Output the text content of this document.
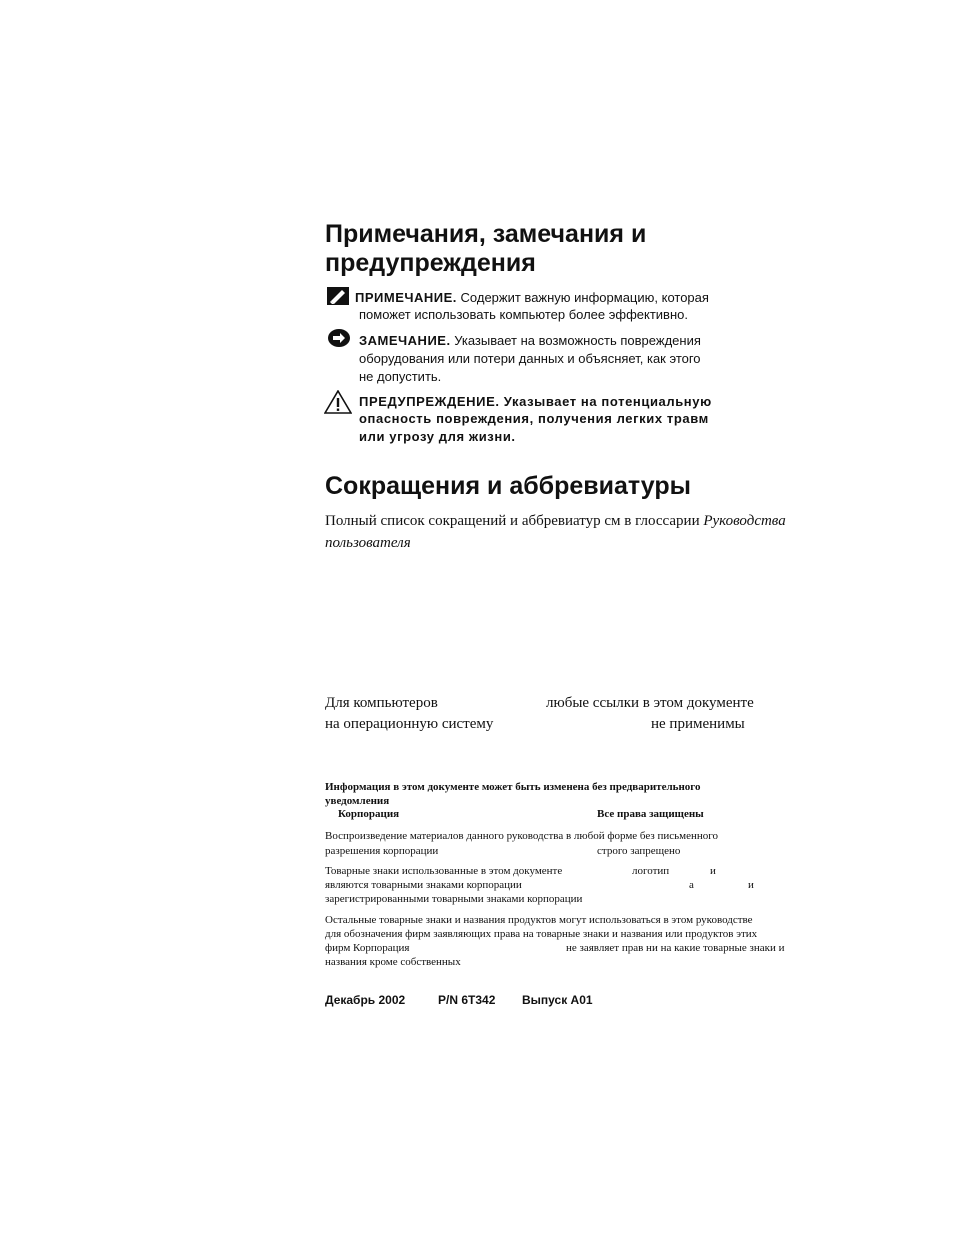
Примечания, замечания и
предупреждения
ПРИМЕЧАНИЕ. Содержит важную информацию, которая
поможет использовать компьютер более эффективно.
ЗАМЕЧАНИЕ. Указывает на возможность повреждения
оборудования или потери данных и объясняет, как этого
не допустить.
ПРЕДУПРЕЖДЕНИЕ. Указывает на потенциальную
опасность повреждения, получения легких травм
или угрозу для жизни.
Сокращения и аббревиатуры
Полный список сокращений и аббревиатур см в глоссарии Руководства
пользователя
Для компьютеров	любые ссылки в этом документе
на операционную систему	не применимы
Информация в этом документе может быть изменена без предварительного
уведомления
Корпорация	Все права защищены
Воспроизведение материалов данного руководства в любой форме без письменного
разрешения корпорации	строго запрещено
Товарные знаки использованные в этом документе	логотип	и
являются товарными знаками корпорации	а	и
зарегистрированными товарными знаками корпорации
Остальные товарные знаки и названия продуктов могут использоваться в этом руководстве
для обозначения фирм заявляющих права на товарные знаки и названия или продуктов этих
фирм Корпорация	не заявляет прав ни на какие товарные знаки и
названия кроме собственных
Декабрь 2002	P/N 6T342 Выпуск A01
